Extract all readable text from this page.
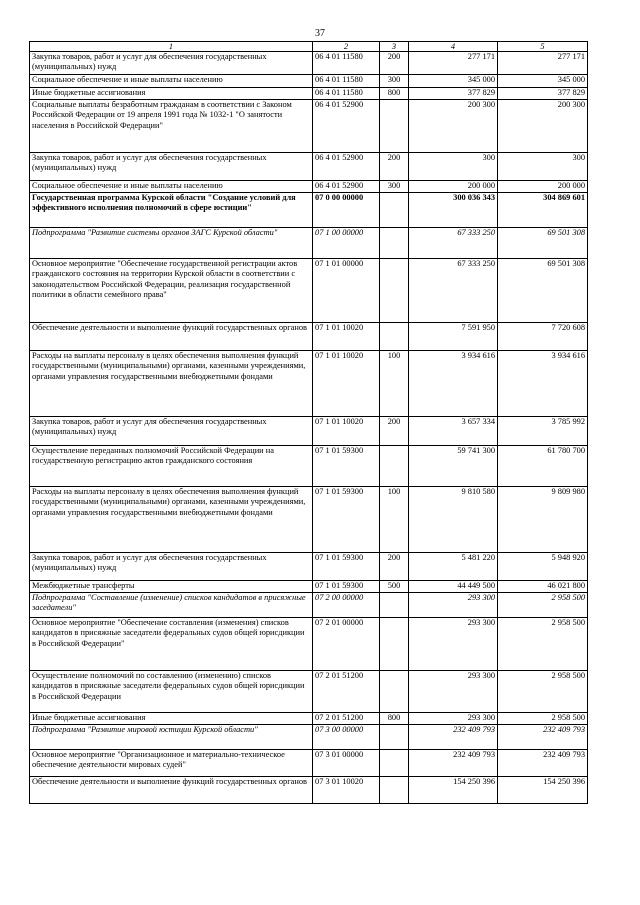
37
1	2	3	4	5
Закупка товаров, работ и услуг для обеспечения государственных (муниципальных) нужд	06 4 01 11580	200	277 171	277 171
Социальное обеспечение и иные выплаты населению	06 4 01 11580	300	345 000	345 000
Иные бюджетные ассигнования	06 4 01 11580	800	377 829	377 829
Социальные выплаты безработным гражданам в соответствии с Законом Российской Федерации от 19 апреля 1991 года № 1032-1 "О занятости населения в Российской Федерации"	06 4 01 52900		200 300	200 300
Закупка товаров, работ и услуг для обеспечения государственных (муниципальных) нужд	06 4 01 52900	200	300	300
Социальное обеспечение и иные выплаты населению	06 4 01 52900	300	200 000	200 000
Государственная программа Курской области "Создание условий для эффективного исполнения полномочий в сфере юстиции"	07 0 00 00000		300 036 343	304 869 601
Подпрограмма "Развитие системы органов ЗАГС Курской области"	07 1 00 00000		67 333 250	69 501 308
Основное мероприятие "Обеспечение государственной регистрации актов гражданского состояния на территории Курской области в соответствии с законодательством Российской Федерации, реализация государственной политики в области семейного права"	07 1 01 00000		67 333 250	69 501 308
Обеспечение деятельности и выполнение функций государственных органов	07 1 01 10020		7 591 950	7 720 608
Расходы на выплаты персоналу в целях обеспечения выполнения функций государственными (муниципальными) органами, казенными учреждениями, органами управления государственными внебюджетными фондами	07 1 01 10020	100	3 934 616	3 934 616
Закупка товаров, работ и услуг для обеспечения государственных (муниципальных) нужд	07 1 01 10020	200	3 657 334	3 785 992
Осуществление переданных полномочий Российской Федерации на государственную регистрацию актов гражданского состояния	07 1 01 59300		59 741 300	61 780 700
Расходы на выплаты персоналу в целях обеспечения выполнения функций государственными (муниципальными) органами, казенными учреждениями, органами управления государственными внебюджетными фондами	07 1 01 59300	100	9 810 580	9 809 980
Закупка товаров, работ и услуг для обеспечения государственных (муниципальных) нужд	07 1 01 59300	200	5 481 220	5 948 920
Межбюджетные трансферты	07 1 01 59300	500	44 449 500	46 021 800
Подпрограмма "Составление (изменение) списков кандидатов в присяжные заседатели"	07 2 00 00000		293 300	2 958 500
Основное мероприятие "Обеспечение составления (изменения) списков кандидатов в присяжные заседатели федеральных судов общей юрисдикции в Российской Федерации"	07 2 01 00000		293 300	2 958 500
Осуществление полномочий по составлению (изменению) списков кандидатов в присяжные заседатели федеральных судов общей юрисдикции в Российской Федерации	07 2 01 51200		293 300	2 958 500
Иные бюджетные ассигнования	07 2 01 51200	800	293 300	2 958 500
Подпрограмма "Развитие мировой юстиции Курской области"	07 3 00 00000		232 409 793	232 409 793
Основное мероприятие "Организационное и материально-техническое обеспечение деятельности мировых судей"	07 3 01 00000		232 409 793	232 409 793
Обеспечение деятельности и выполнение функций государственных органов	07 3 01 10020		154 250 396	154 250 396
